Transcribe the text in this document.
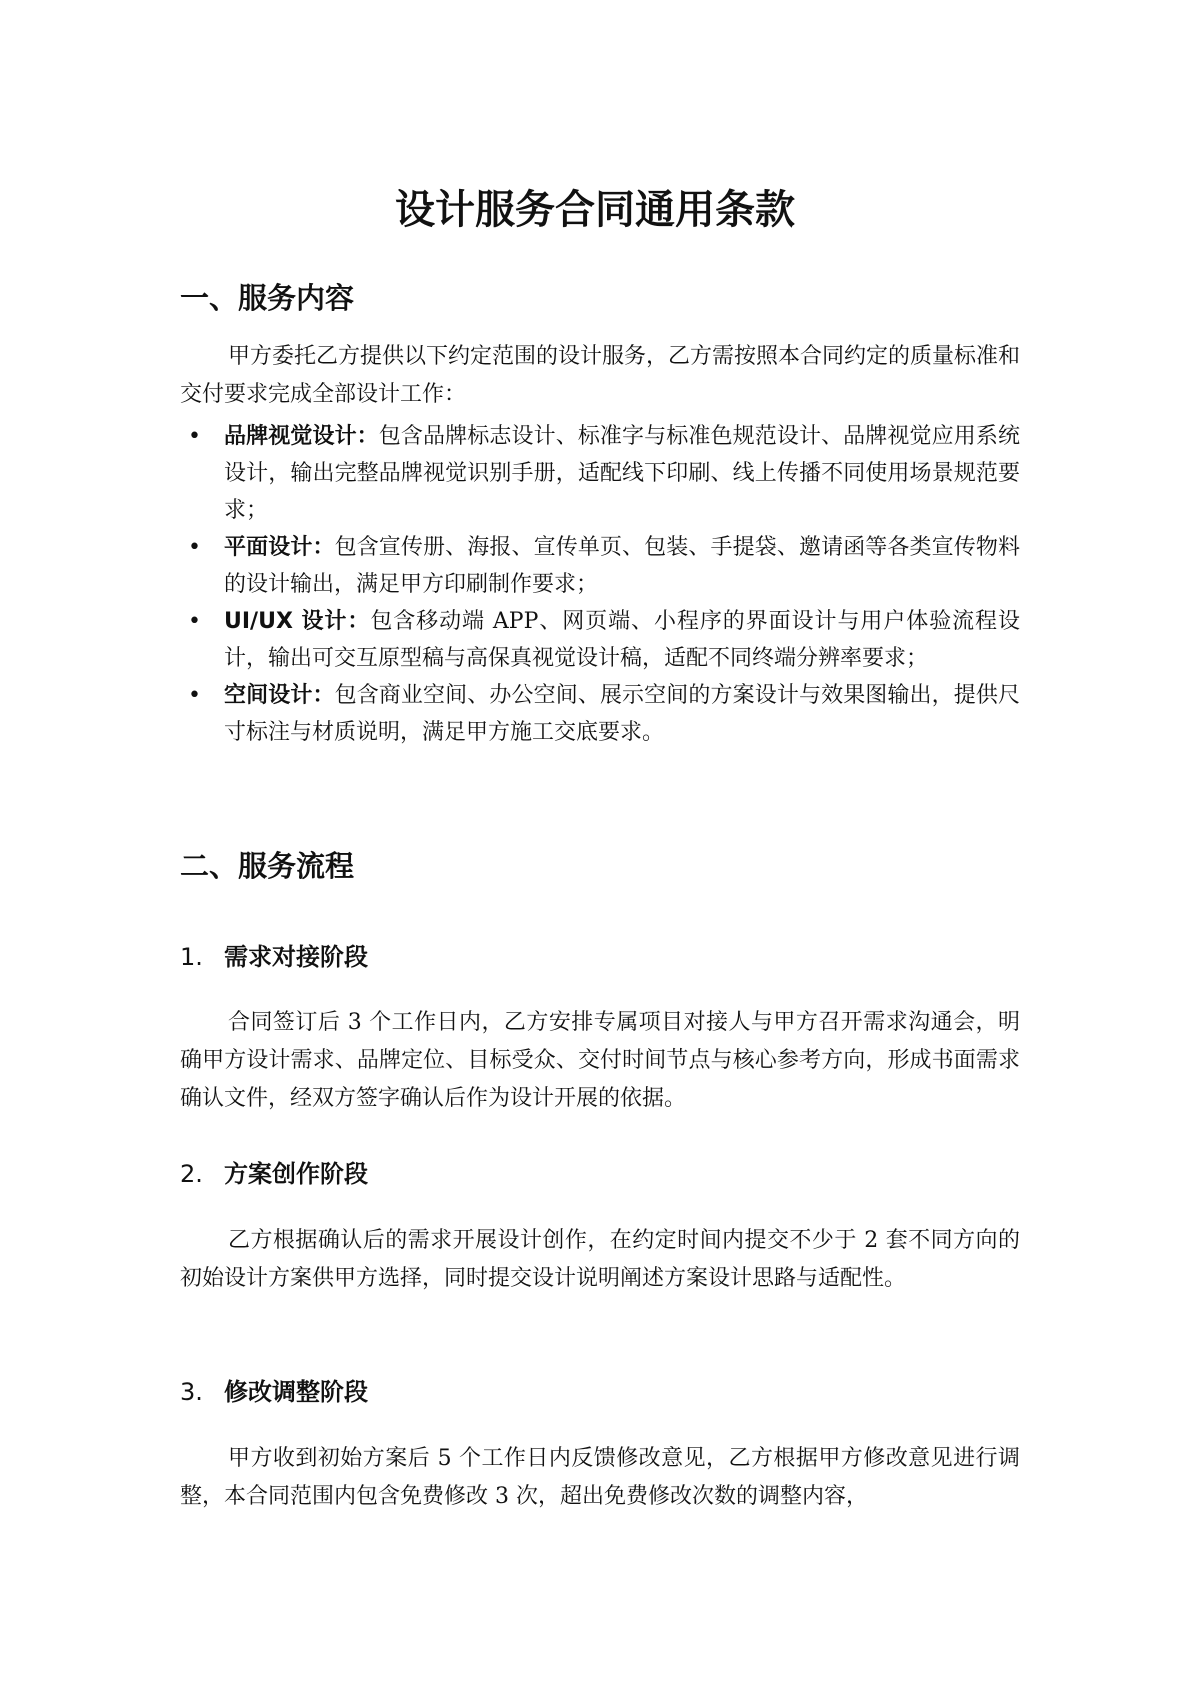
设计服务合同通用条款
一、服务内容

甲方委托乙方提供以下约定范围的设计服务，乙方需按照本合同约定的质量标准和交付要求完成全部设计工作：

• 品牌视觉设计：包含品牌标志设计、标准字与标准色规范设计、品牌视觉应用系统设计，输出完整品牌视觉识别手册，适配线下印刷、线上传播不同使用场景规范要求；
• 平面设计：包含宣传册、海报、宣传单页、包装、手提袋、邀请函等各类宣传物料的设计输出，满足甲方印刷制作要求；
• UI/UX 设计：包含移动端 APP、网页端、小程序的界面设计与用户体验流程设计，输出可交互原型稿与高保真视觉设计稿，适配不同终端分辨率要求；
• 空间设计：包含商业空间、办公空间、展示空间的方案设计与效果图输出，提供尺寸标注与材质说明，满足甲方施工交底要求。
二、服务流程
1. 需求对接阶段

合同签订后 3 个工作日内，乙方安排专属项目对接人与甲方召开需求沟通会，明确甲方设计需求、品牌定位、目标受众、交付时间节点与核心参考方向，形成书面需求确认文件，经双方签字确认后作为设计开展的依据。

2. 方案创作阶段

乙方根据确认后的需求开展设计创作，在约定时间内提交不少于 2 套不同方向的初始设计方案供甲方选择，同时提交设计说明阐述方案设计思路与适配性。

3. 修改调整阶段

甲方收到初始方案后 5 个工作日内反馈修改意见，乙方根据甲方修改意见进行调整，本合同范围内包含免费修改 3 次，超出免费修改次数的调整内容，
